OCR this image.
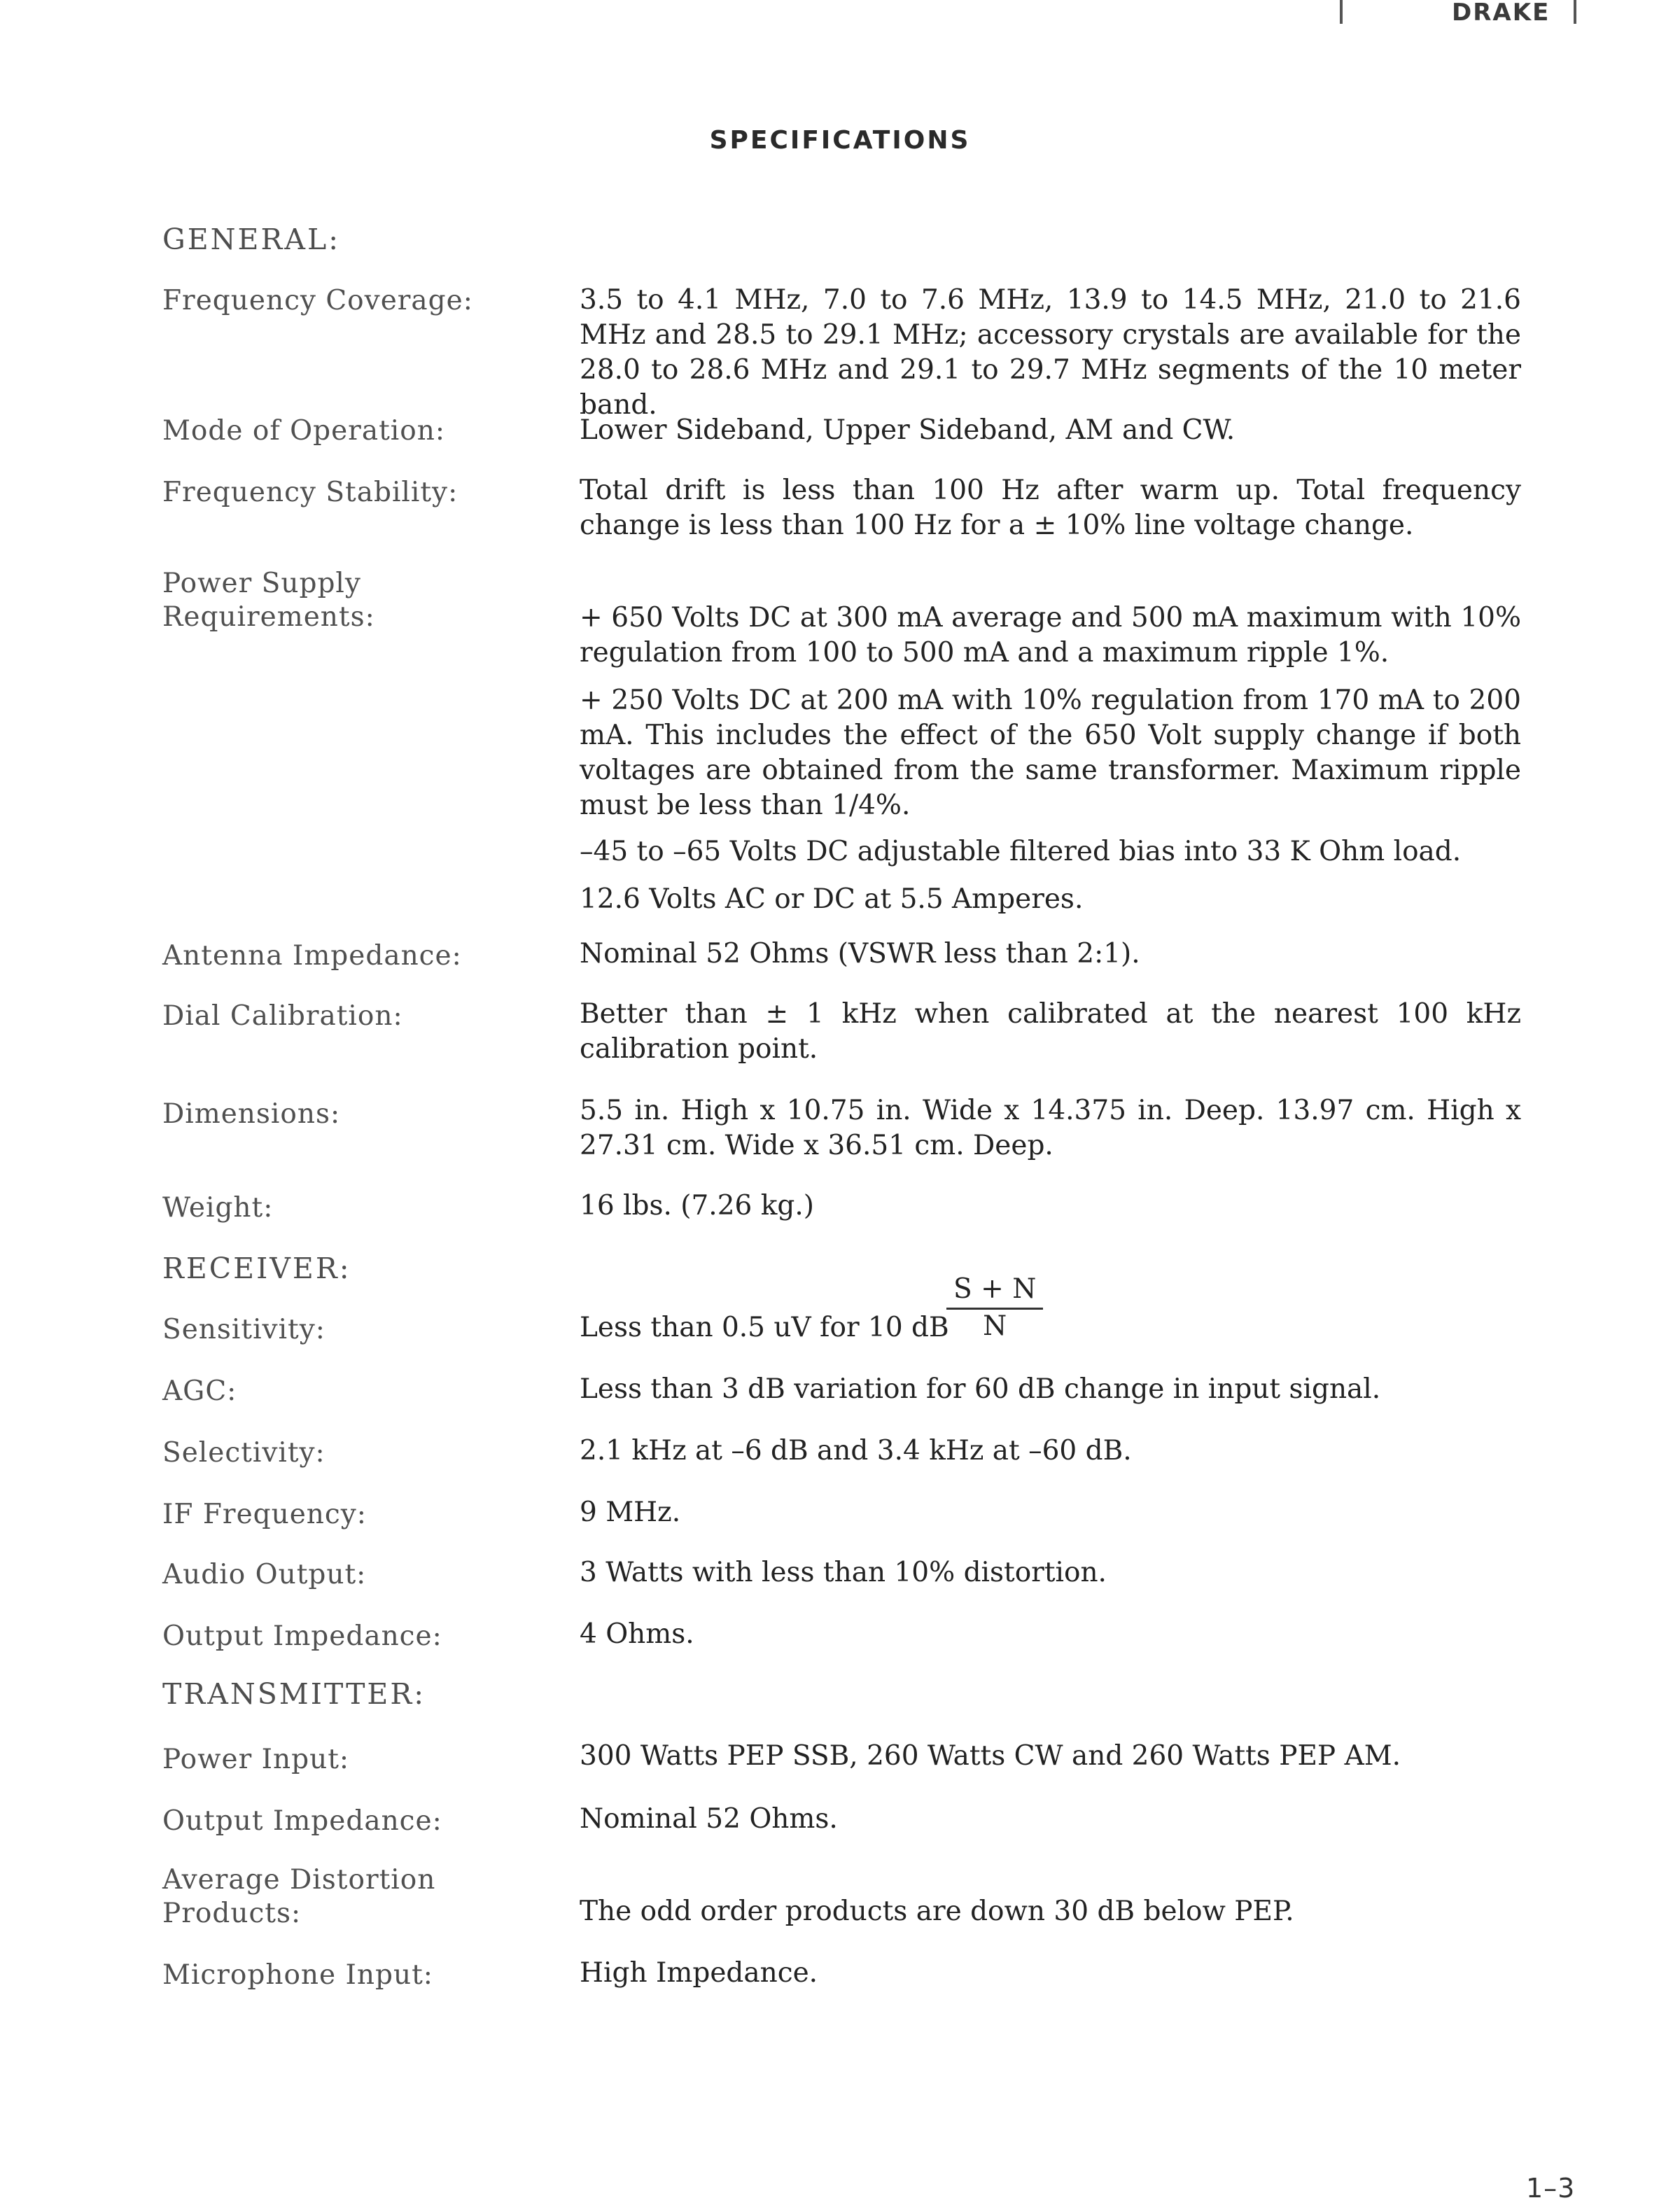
DRAKE
SPECIFICATIONS
GENERAL:
Frequency Coverage:	3.5 to 4.1 MHz, 7.0 to 7.6 MHz, 13.9 to 14.5 MHz, 21.0 to 21.6 MHz and 28.5 to 29.1 MHz; accessory crystals are available for the 28.0 to 28.6 MHz and 29.1 to 29.7 MHz segments of the 10 meter band.
Mode of Operation:	Lower Sideband, Upper Sideband, AM and CW.
Frequency Stability:	Total drift is less than 100 Hz after warm up. Total frequency change is less than 100 Hz for a ± 10% line voltage change.
Power Supply
Requirements:	+ 650 Volts DC at 300 mA average and 500 mA maximum with 10% regulation from 100 to 500 mA and a maximum ripple 1%.
+ 250 Volts DC at 200 mA with 10% regulation from 170 mA to 200 mA. This includes the effect of the 650 Volt supply change if both voltages are obtained from the same transformer. Maximum ripple must be less than 1/4%.
–45 to –65 Volts DC adjustable filtered bias into 33 K Ohm load.
12.6 Volts AC or DC at 5.5 Amperes.
Antenna Impedance:	Nominal 52 Ohms (VSWR less than 2:1).
Dial Calibration:	Better than ± 1 kHz when calibrated at the nearest 100 kHz calibration point.
Dimensions:	5.5 in. High x 10.75 in. Wide x 14.375 in. Deep. 13.97 cm. High x 27.31 cm. Wide x 36.51 cm. Deep.
Weight:	16 lbs. (7.26 kg.)
RECEIVER:
Sensitivity:	Less than 0.5 uV for 10 dB
$\frac{S + N}{N}$
AGC:	Less than 3 dB variation for 60 dB change in input signal.
Selectivity:	2.1 kHz at –6 dB and 3.4 kHz at –60 dB.
IF Frequency:	9 MHz.
Audio Output:	3 Watts with less than 10% distortion.
Output Impedance:	4 Ohms.
TRANSMITTER:
Power Input:	300 Watts PEP SSB, 260 Watts CW and 260 Watts PEP AM.
Output Impedance:	Nominal 52 Ohms.
Average Distortion
Products:	The odd order products are down 30 dB below PEP.
Microphone Input:	High Impedance.
1–3
